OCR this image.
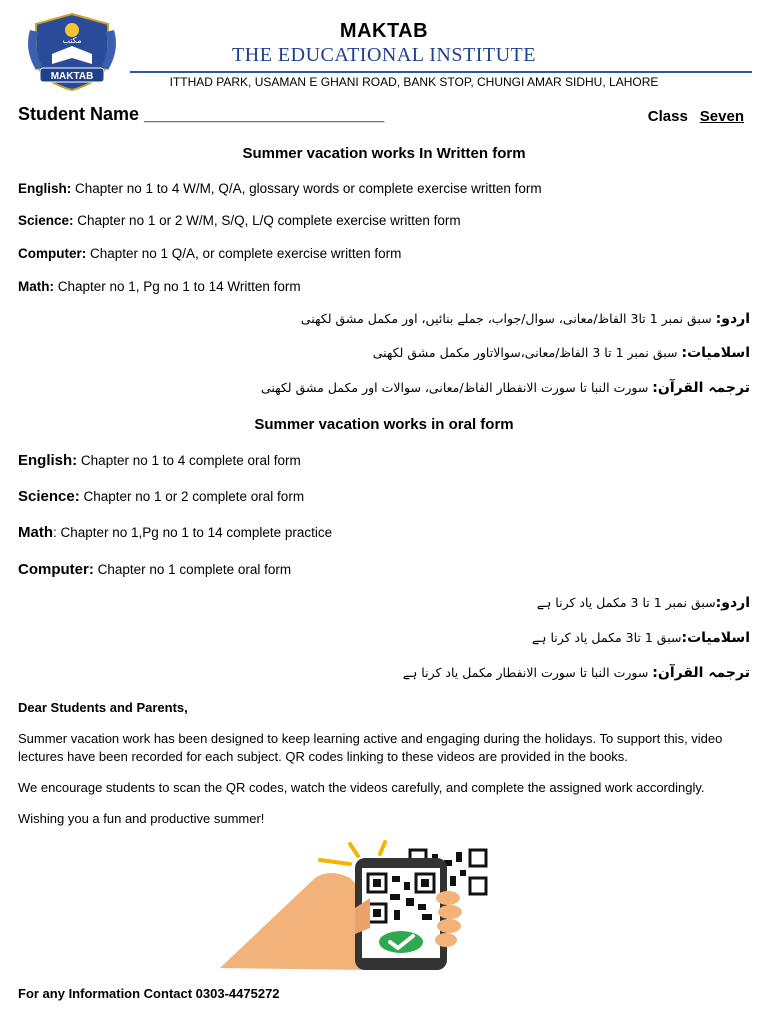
مکتب
MAKTAB
MAKTAB
THE EDUCATIONAL INSTITUTE
ITTHAD PARK, USAMAN E GHANI ROAD, BANK STOP, CHUNGI AMAR SIDHU, LAHORE
Student Name ________________________	Class Seven
Summer vacation works In Written form
English: Chapter no 1 to 4 W/M, Q/A, glossary words or complete exercise written form
Science: Chapter no 1 or 2 W/M, S/Q, L/Q complete exercise written form
Computer: Chapter no 1 Q/A, or complete exercise written form
Math: Chapter no 1, Pg no 1 to 14 Written form
اردو: سبق نمبر 1 تا3 الفاظ/معانی، سوال/جواب، جملے بنائیں، اور مکمل مشق لکھنی
اسلامیات: سبق نمبر 1 تا 3 الفاظ/معانی،سوالاتاور مکمل مشق لکھنی
ترجمہ القرآن: سورت النبا تا سورت الانفطار الفاظ/معانی، سوالات اور مکمل مشق لکھنی
Summer vacation works in oral form
English: Chapter no 1 to 4 complete oral form
Science: Chapter no 1 or 2 complete oral form
Math: Chapter no 1,Pg no 1 to 14 complete practice
Computer: Chapter no 1 complete oral form
اردو:سبق نمبر 1 تا 3 مکمل یاد کرنا ہے
اسلامیات:سبق 1 تا3 مکمل یاد کرنا ہے
ترجمہ القرآن: سورت النبا تا سورت الانفطار مکمل یاد کرنا ہے
Dear Students and Parents,
Summer vacation work has been designed to keep learning active and engaging during the holidays. To support this, video lectures have been recorded for each subject. QR codes linking to these videos are provided in the books.
We encourage students to scan the QR codes, watch the videos carefully, and complete the assigned work accordingly.
Wishing you a fun and productive summer!
For any Information Contact 0303-4475272
